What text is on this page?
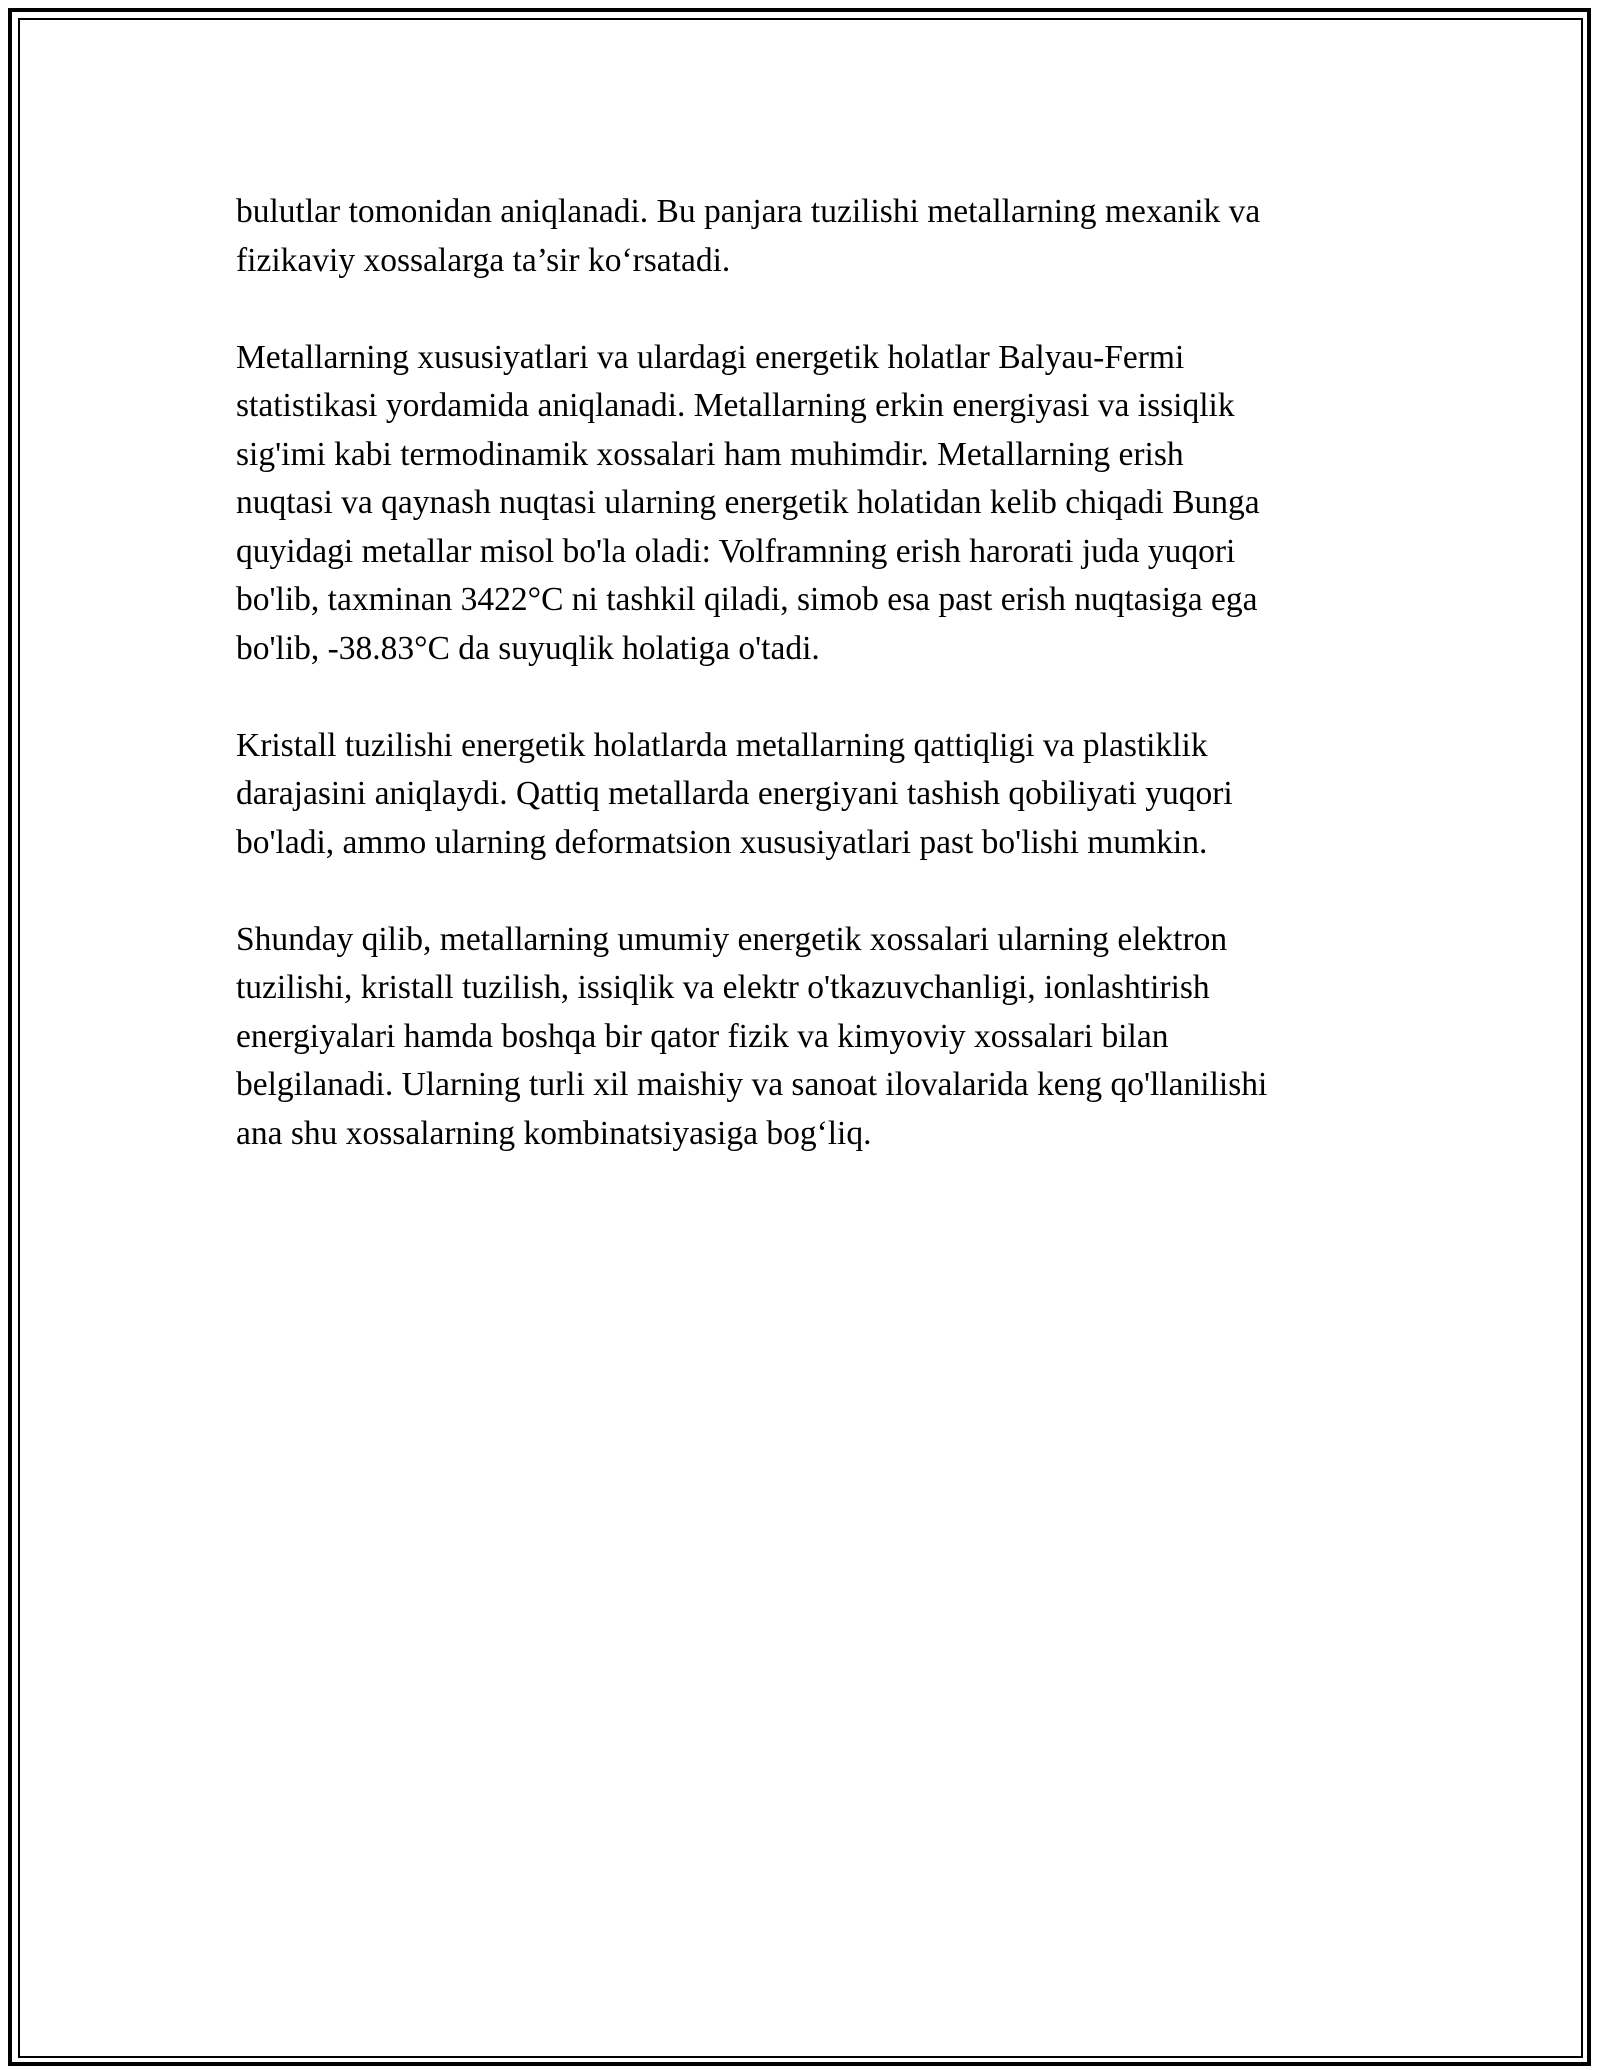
bulutlar tomonidan aniqlanadi. Bu panjara tuzilishi metallarning mexanik va
fizikaviy xossalarga ta’sir ko‘rsatadi.

Metallarning xususiyatlari va ulardagi energetik holatlar Balyau-Fermi
statistikasi yordamida aniqlanadi. Metallarning erkin energiyasi va issiqlik
sig'imi kabi termodinamik xossalari ham muhimdir. Metallarning erish
nuqtasi va qaynash nuqtasi ularning energetik holatidan kelib chiqadi Bunga
quyidagi metallar misol bo'la oladi: Volframning erish harorati juda yuqori
bo'lib, taxminan 3422°C ni tashkil qiladi, simob esa past erish nuqtasiga ega
bo'lib, -38.83°C da suyuqlik holatiga o'tadi.

Kristall tuzilishi energetik holatlarda metallarning qattiqligi va plastiklik
darajasini aniqlaydi. Qattiq metallarda energiyani tashish qobiliyati yuqori
bo'ladi, ammo ularning deformatsion xususiyatlari past bo'lishi mumkin.

Shunday qilib, metallarning umumiy energetik xossalari ularning elektron
tuzilishi, kristall tuzilish, issiqlik va elektr o'tkazuvchanligi, ionlashtirish
energiyalari hamda boshqa bir qator fizik va kimyoviy xossalari bilan
belgilanadi. Ularning turli xil maishiy va sanoat ilovalarida keng qo'llanilishi
ana shu xossalarning kombinatsiyasiga bog‘liq.
